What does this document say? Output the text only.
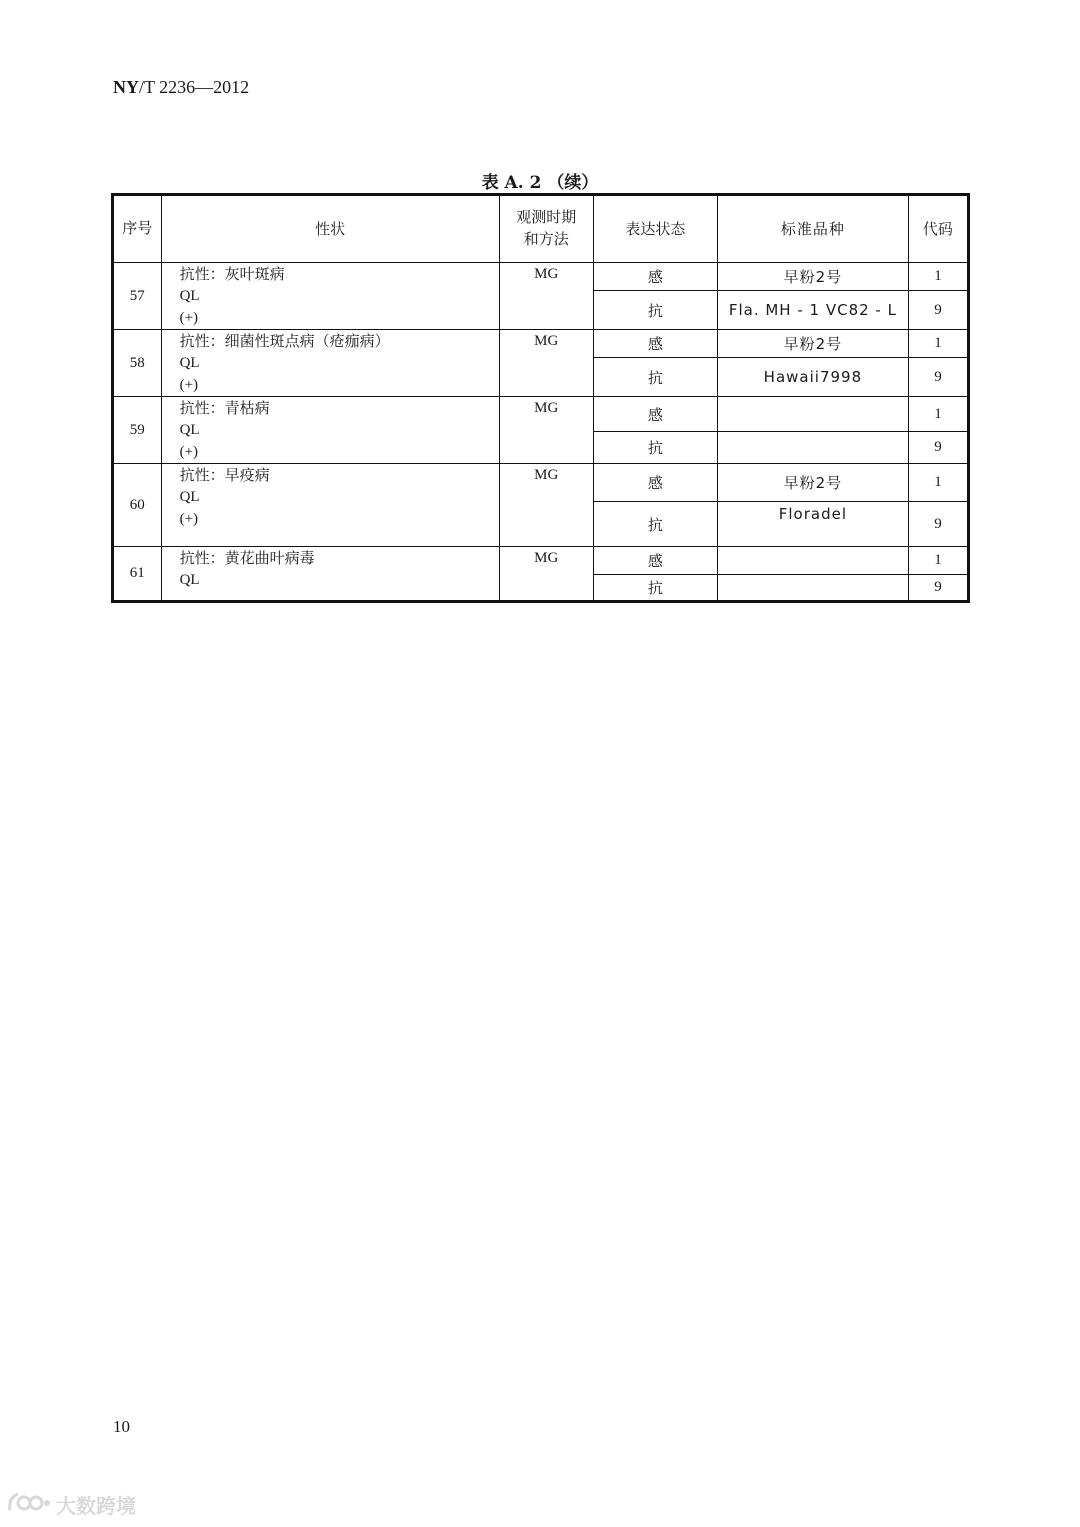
NY/T 2236—2012
表 A. 2 （续）
序号	性状	观测时期
和方法	表达状态	标准品种	代码
57	抗性：灰叶斑病
QL
(+)	MG	感	早粉2号	1
			抗	Fla. MH - 1 VC82 - L	9
58	抗性：细菌性斑点病（疮痂病）
QL
(+)	MG	感	早粉2号	1
			抗	Hawaii7998	9
59	抗性：青枯病
QL
(+)	MG	感		1
			抗		9
60	抗性：早疫病
QL
(+)	MG	感	早粉2号	1
			抗	Floradel	9
61	抗性：黄花曲叶病毒
QL	MG	感		1
			抗		9
10
大数跨境
